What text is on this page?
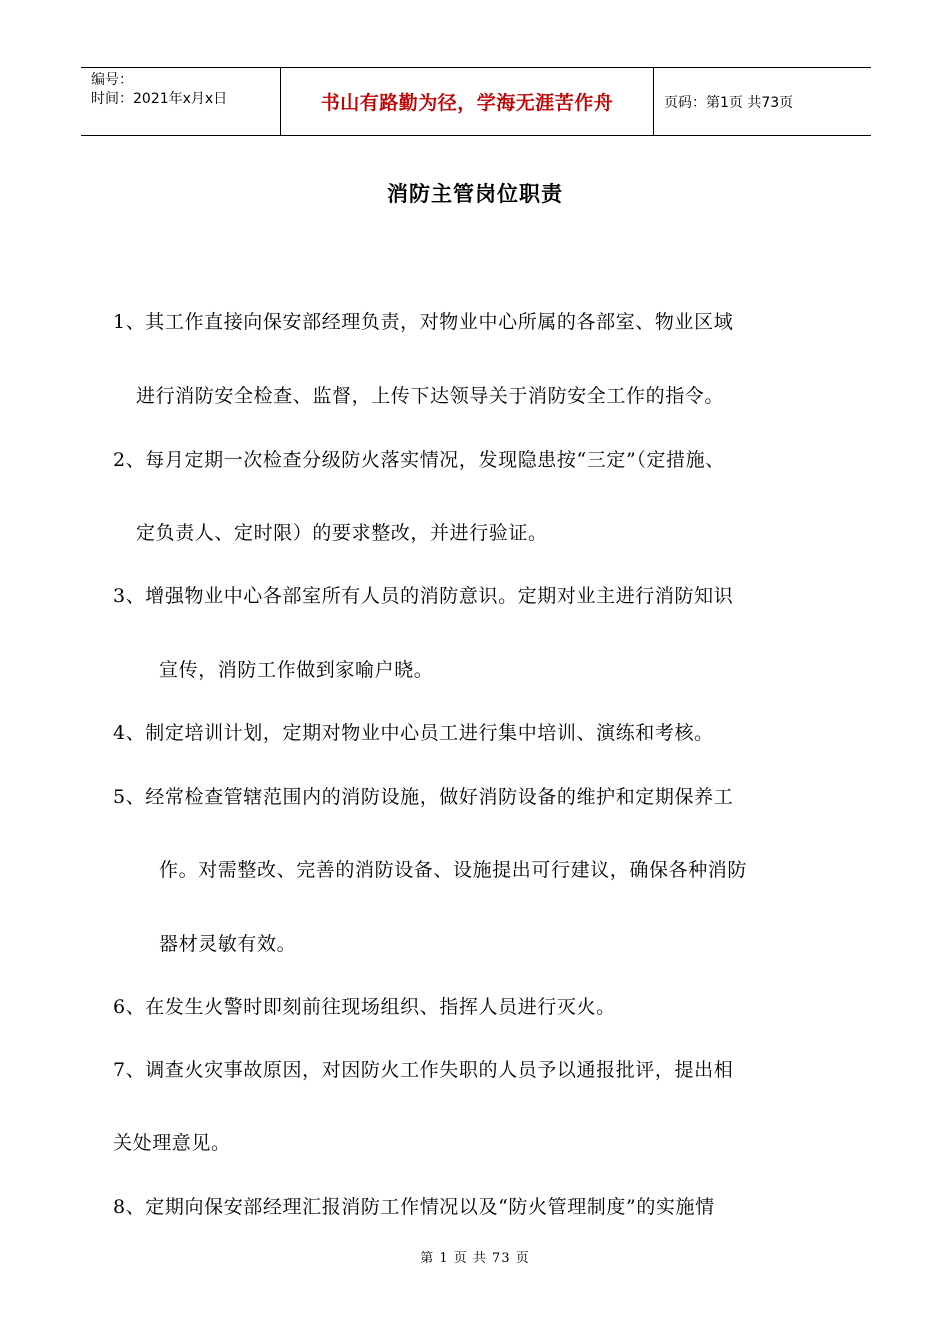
编号：
时间：2021年x月x日	书山有路勤为径，学海无涯苦作舟	页码：第1页 共73页
消防主管岗位职责
1、其工作直接向保安部经理负责，对物业中心所属的各部室、物业区域
进行消防安全检查、监督，上传下达领导关于消防安全工作的指令。
2、每月定期一次检查分级防火落实情况，发现隐患按“三定”（定措施、
定负责人、定时限）的要求整改，并进行验证。
3、增强物业中心各部室所有人员的消防意识。定期对业主进行消防知识
宣传，消防工作做到家喻户晓。
4、制定培训计划，定期对物业中心员工进行集中培训、演练和考核。
5、经常检查管辖范围内的消防设施，做好消防设备的维护和定期保养工
作。对需整改、完善的消防设备、设施提出可行建议，确保各种消防
器材灵敏有效。
6、在发生火警时即刻前往现场组织、指挥人员进行灭火。
7、调查火灾事故原因，对因防火工作失职的人员予以通报批评，提出相
关处理意见。
8、定期向保安部经理汇报消防工作情况以及“防火管理制度”的实施情
第 1 页 共 73 页
